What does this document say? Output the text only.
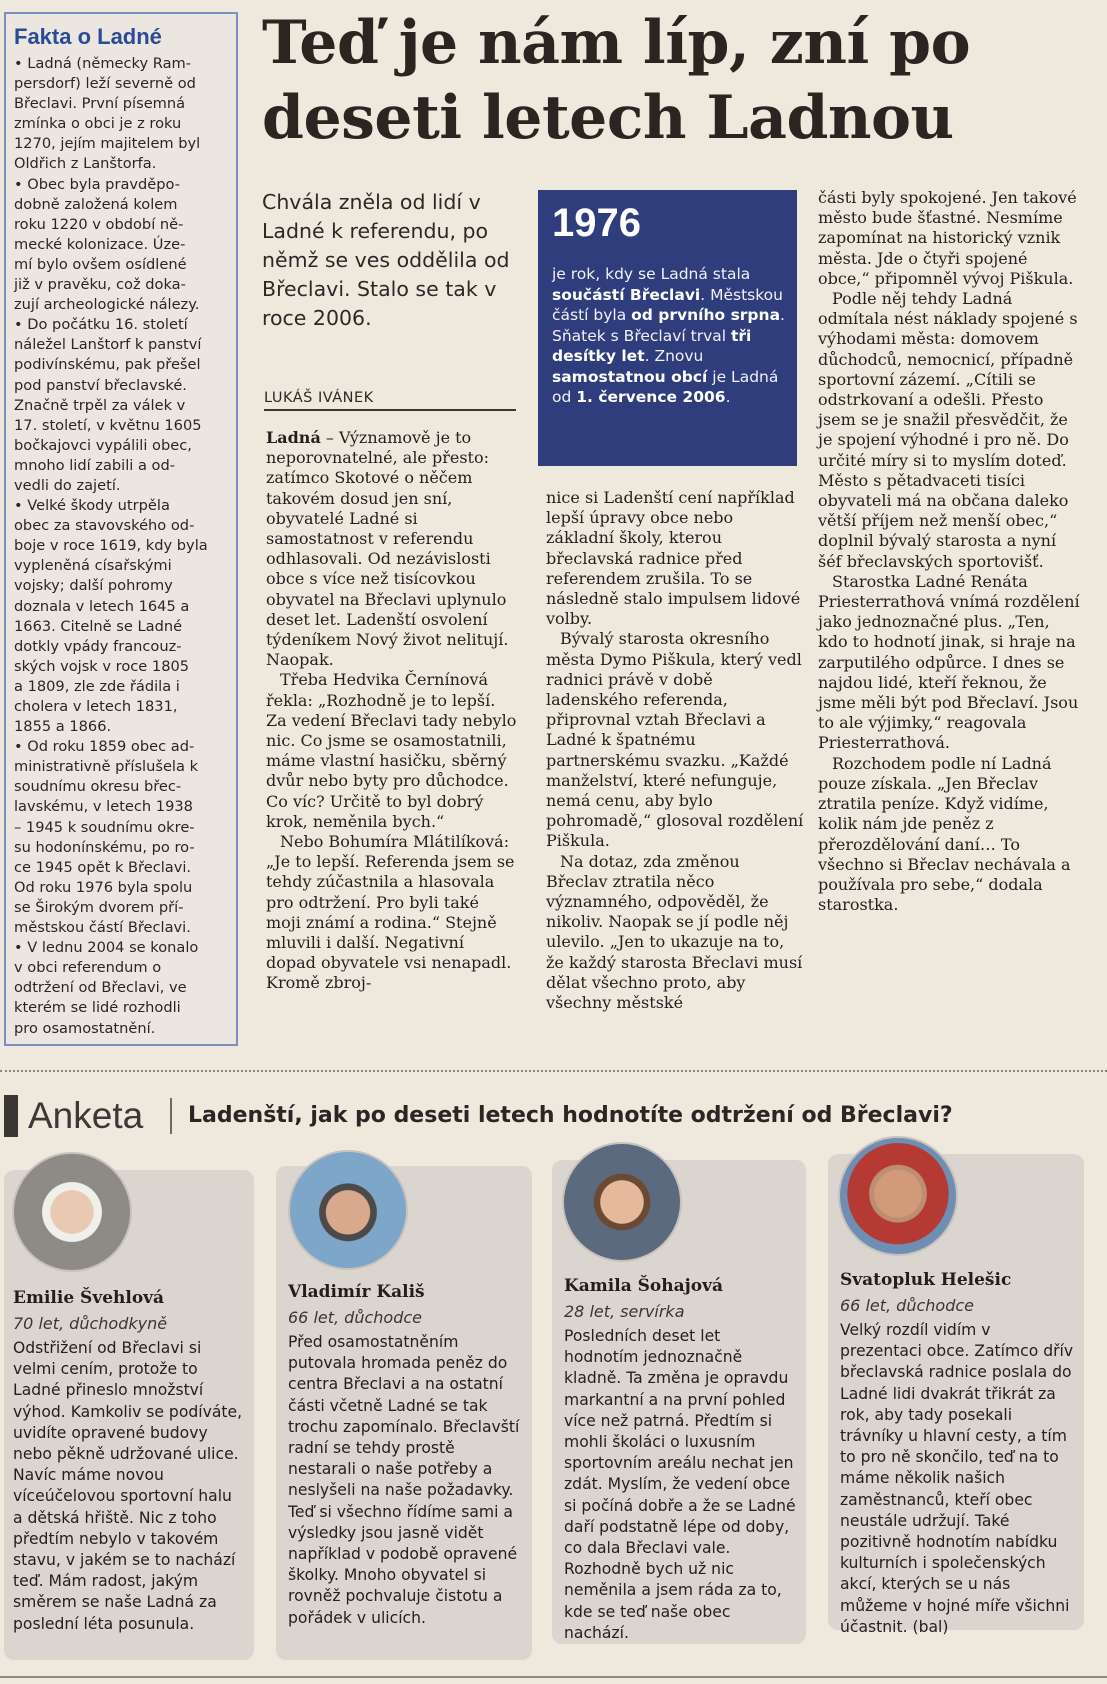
Fakta o Ladné
• Ladná (německy Ram-
persdorf) leží severně od
Břeclavi. První písemná
zmínka o obci je z roku
1270, jejím majitelem byl
Oldřich z Lanštorfa.
• Obec byla pravděpo-
dobně založená kolem
roku 1220 v období ně-
mecké kolonizace. Úze-
mí bylo ovšem osídlené
již v pravěku, což doka-
zují archeologické nálezy.
• Do počátku 16. století
náležel Lanštorf k panství
podivínskému, pak přešel
pod panství břeclavské.
Značně trpěl za válek v
17. století, v květnu 1605
bočkajovci vypálili obec,
mnoho lidí zabili a od-
vedli do zajetí.
• Velké škody utrpěla
obec za stavovského od-
boje v roce 1619, kdy byla
vypleněná císařskými
vojsky; další pohromy
doznala v letech 1645 a
1663. Citelně se Ladné
dotkly vpády francouz-
ských vojsk v roce 1805
a 1809, zle zde řádila i
cholera v letech 1831,
1855 a 1866.
• Od roku 1859 obec ad-
ministrativně příslušela k
soudnímu okresu břec-
lavskému, v letech 1938
– 1945 k soudnímu okre-
su hodonínskému, po ro-
ce 1945 opět k Břeclavi.
Od roku 1976 byla spolu
se Širokým dvorem pří-
městskou částí Břeclavi.
• V lednu 2004 se konalo
v obci referendum o
odtržení od Břeclavi, ve
kterém se lidé rozhodli
pro osamostatnění.
Teď je nám líp, zní po
deseti letech Ladnou
Chvála zněla od lidí v Ladné k referendu, po němž se ves oddělila od Břeclavi. Stalo se tak v roce 2006.
LUKÁŠ IVÁNEK
1976
je rok, kdy se Ladná stala součástí Břeclavi. Městskou částí byla od prvního srpna. Sňatek s Břeclaví trval tři desítky let. Znovu samostatnou obcí je Ladná od 1. července 2006.

Ladná – Významově je to neporovnatelné, ale přesto: zatímco Skotové o něčem takovém dosud jen sní, obyvatelé Ladné si samostatnost v referendu odhlasovali. Od nezávislosti obce s více než tisícovkou obyvatel na Břeclavi uplynulo deset let. Ladenští osvolení týdeníkem Nový život nelitují. Naopak.

Třeba Hedvika Černínová řekla: „Rozhodně je to lepší. Za vedení Břeclavi tady nebylo nic. Co jsme se osamostatnili, máme vlastní hasičku, sběrný dvůr nebo byty pro důchodce. Co víc? Určitě to byl dobrý krok, neměnila bych.“

Nebo Bohumíra Mlátilíková: „Je to lepší. Referenda jsem se tehdy zúčastnila a hlasovala pro odtržení. Pro byli také moji známí a rodina.“ Stejně mluvili i další. Negativní dopad obyvatele vsi nenapadl. Kromě zbroj-

nice si Ladenští cení například lepší úpravy obce nebo základní školy, kterou břeclavská radnice před referendem zrušila. To se následně stalo impulsem lidové volby.

Bývalý starosta okresního města Dymo Piškula, který vedl radnici právě v době ladenského referenda, připrovnal vztah Břeclavi a Ladné k špatnému partnerskému svazku. „Každé manželství, které nefunguje, nemá cenu, aby bylo pohromadě,“ glosoval rozdělení Piškula.

Na dotaz, zda změnou Břeclav ztratila něco významného, odpověděl, že nikoliv. Naopak se jí podle něj ulevilo. „Jen to ukazuje na to, že každý starosta Břeclavi musí dělat všechno proto, aby všechny městské

části byly spokojené. Jen takové město bude šťastné. Nesmíme zapomínat na historický vznik města. Jde o čtyři spojené obce,“ připomněl vývoj Piškula.

Podle něj tehdy Ladná odmítala nést náklady spojené s výhodami města: domovem důchodců, nemocnicí, případně sportovní zázemí. „Cítili se odstrkovaní a odešli. Přesto jsem se je snažil přesvědčit, že je spojení výhodné i pro ně. Do určité míry si to myslím doteď. Město s pětadvaceti tisíci obyvateli má na občana daleko větší příjem než menší obec,“ doplnil bývalý starosta a nyní šéf břeclavských sportovišť.

Starostka Ladné Renáta Priesterrathová vnímá rozdělení jako jednoznačné plus. „Ten, kdo to hodnotí jinak, si hraje na zarputilého odpůrce. I dnes se najdou lidé, kteří řeknou, že jsme měli být pod Břeclaví. Jsou to ale výjimky,“ reagovala Priesterrathová.

Rozchodem podle ní Ladná pouze získala. „Jen Břeclav ztratila peníze. Když vidíme, kolik nám jde peněz z přerozdělování daní… To všechno si Břeclav nechávala a používala pro sebe,“ dodala starostka.

Anketa Ladenští, jak po deseti letech hodnotíte odtržení od Břeclavi?
Emilie Švehlová
70 let, důchodkyně
Odstřižení od Břeclavi si velmi cením, protože to Ladné přineslo množství výhod. Kamkoliv se podíváte, uvidíte opravené budovy nebo pěkně udržované ulice. Navíc máme novou víceúčelovou sportovní halu a dětská hřiště. Nic z toho předtím nebylo v takovém stavu, v jakém se to nachází teď. Mám radost, jakým směrem se naše Ladná za poslední léta posunula.
Vladimír Kališ
66 let, důchodce
Před osamostatněním putovala hromada peněz do centra Břeclavi a na ostatní části včetně Ladné se tak trochu zapomínalo. Břeclavští radní se tehdy prostě nestarali o naše potřeby a neslyšeli na naše požadavky. Teď si všechno řídíme sami a výsledky jsou jasně vidět například v podobě opravené školky. Mnoho obyvatel si rovněž pochvaluje čistotu a pořádek v ulicích.
Kamila Šohajová
28 let, servírka
Posledních deset let hodnotím jednoznačně kladně. Ta změna je opravdu markantní a na první pohled více než patrná. Předtím si mohli školáci o luxusním sportovním areálu nechat jen zdát. Myslím, že vedení obce si počíná dobře a že se Ladné daří podstatně lépe od doby, co dala Břeclavi vale. Rozhodně bych už nic neměnila a jsem ráda za to, kde se teď naše obec nachází.
Svatopluk Helešic
66 let, důchodce
Velký rozdíl vidím v prezentaci obce. Zatímco dřív břeclavská radnice poslala do Ladné lidi dvakrát třikrát za rok, aby tady posekali trávníky u hlavní cesty, a tím to pro ně skončilo, teď na to máme několik našich zaměstnanců, kteří obec neustále udržují. Také pozitivně hodnotím nabídku kulturních i společenských akcí, kterých se u nás můžeme v hojné míře všichni účastnit. (bal)
